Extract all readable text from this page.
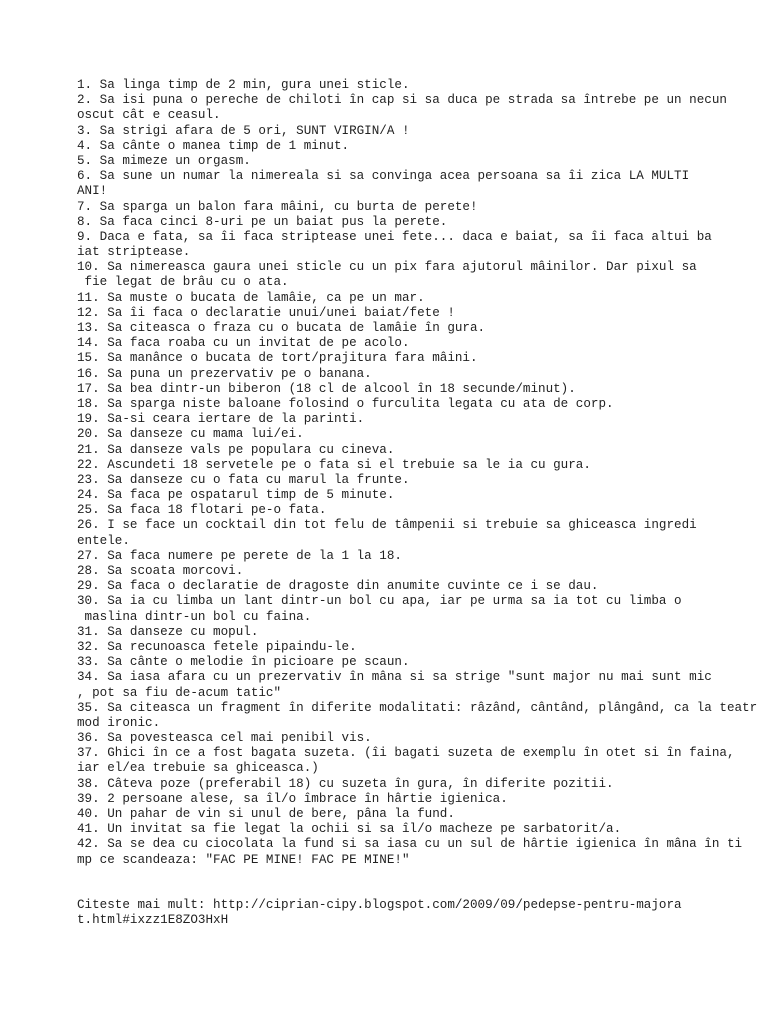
1. Sa linga timp de 2 min, gura unei sticle.
2. Sa isi puna o pereche de chiloti în cap si sa duca pe strada sa întrebe pe un necun
oscut cât e ceasul.
3. Sa strigi afara de 5 ori, SUNT VIRGIN/A !
4. Sa cânte o manea timp de 1 minut.
5. Sa mimeze un orgasm.
6. Sa sune un numar la nimereala si sa convinga acea persoana sa îi zica LA MULTI
ANI!
7. Sa sparga un balon fara mâini, cu burta de perete!
8. Sa faca cinci 8-uri pe un baiat pus la perete.
9. Daca e fata, sa îi faca striptease unei fete... daca e baiat, sa îi faca altui ba
iat striptease.
10. Sa nimereasca gaura unei sticle cu un pix fara ajutorul mâinilor. Dar pixul sa
fie legat de brâu cu o ata.
11. Sa muste o bucata de lamâie, ca pe un mar.
12. Sa îi faca o declaratie unui/unei baiat/fete !
13. Sa citeasca o fraza cu o bucata de lamâie în gura.
14. Sa faca roaba cu un invitat de pe acolo.
15. Sa manânce o bucata de tort/prajitura fara mâini.
16. Sa puna un prezervativ pe o banana.
17. Sa bea dintr-un biberon (18 cl de alcool în 18 secunde/minut).
18. Sa sparga niste baloane folosind o furculita legata cu ata de corp.
19. Sa-si ceara iertare de la parinti.
20. Sa danseze cu mama lui/ei.
21. Sa danseze vals pe populara cu cineva.
22. Ascundeti 18 servetele pe o fata si el trebuie sa le ia cu gura.
23. Sa danseze cu o fata cu marul la frunte.
24. Sa faca pe ospatarul timp de 5 minute.
25. Sa faca 18 flotari pe-o fata.
26. I se face un cocktail din tot felu de tâmpenii si trebuie sa ghiceasca ingredi
entele.
27. Sa faca numere pe perete de la 1 la 18.
28. Sa scoata morcovi.
29. Sa faca o declaratie de dragoste din anumite cuvinte ce i se dau.
30. Sa ia cu limba un lant dintr-un bol cu apa, iar pe urma sa ia tot cu limba o
maslina dintr-un bol cu faina.
31. Sa danseze cu mopul.
32. Sa recunoasca fetele pipaindu-le.
33. Sa cânte o melodie în picioare pe scaun.
34. Sa iasa afara cu un prezervativ în mâna si sa strige "sunt major nu mai sunt mic
, pot sa fiu de-acum tatic"
35. Sa citeasca un fragment în diferite modalitati: râzând, cântând, plângând, ca la teatr
mod ironic.
36. Sa povesteasca cel mai penibil vis.
37. Ghici în ce a fost bagata suzeta. (îi bagati suzeta de exemplu în otet si în faina,
iar el/ea trebuie sa ghiceasca.)
38. Câteva poze (preferabil 18) cu suzeta în gura, în diferite pozitii.
39. 2 persoane alese, sa îl/o îmbrace în hârtie igienica.
40. Un pahar de vin si unul de bere, pâna la fund.
41. Un invitat sa fie legat la ochii si sa îl/o macheze pe sarbatorit/a.
42. Sa se dea cu ciocolata la fund si sa iasa cu un sul de hârtie igienica în mâna în ti
mp ce scandeaza: "FAC PE MINE! FAC PE MINE!"
Citeste mai mult: http://ciprian-cipy.blogspot.com/2009/09/pedepse-pentru-majora
t.html#ixzz1E8ZO3HxH
